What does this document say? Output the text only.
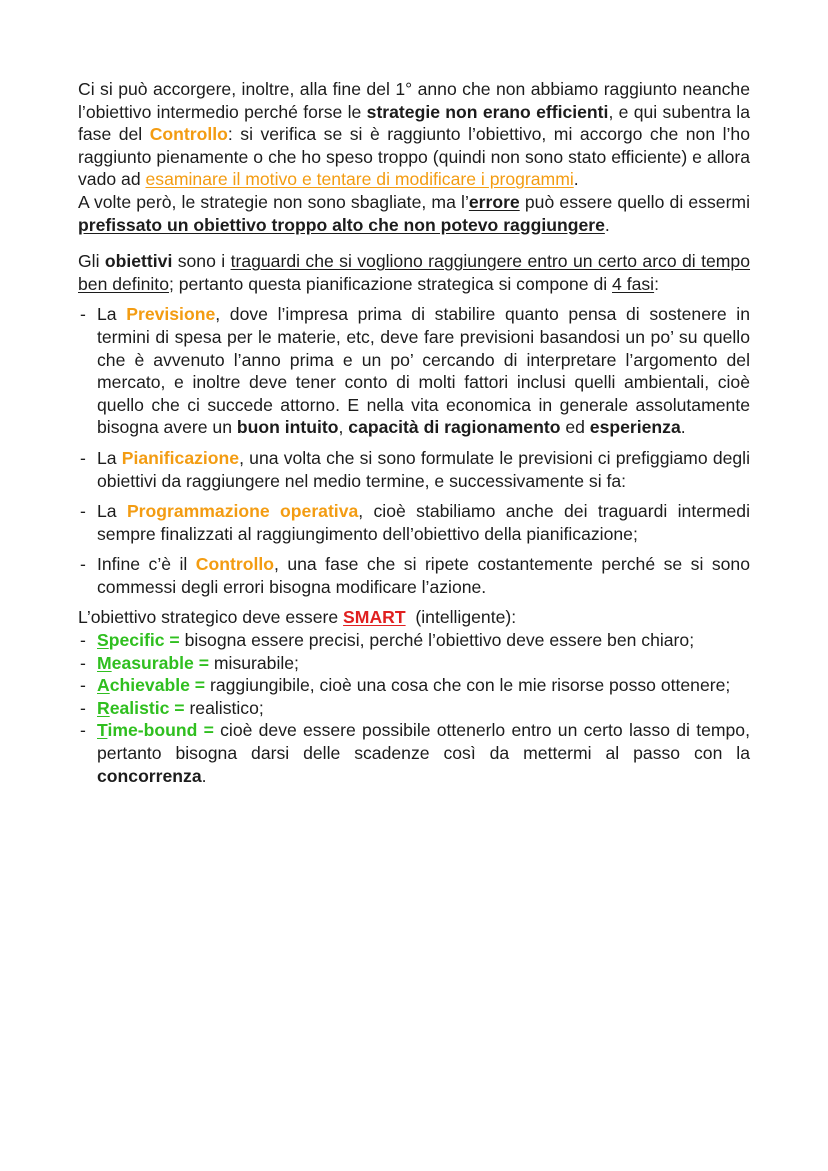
Ci si può accorgere, inoltre, alla fine del 1° anno che non abbiamo raggiunto neanche l’obiettivo intermedio perché forse le strategie non erano efficienti, e qui subentra la fase del Controllo: si verifica se si è raggiunto l’obiettivo, mi accorgo che non l’ho raggiunto pienamente o che ho speso troppo (quindi non sono stato efficiente) e allora vado ad esaminare il motivo e tentare di modificare i programmi.

A volte però, le strategie non sono sbagliate, ma l’errore può essere quello di essermi prefissato un obiettivo troppo alto che non potevo raggiungere.

Gli obiettivi sono i traguardi che si vogliono raggiungere entro un certo arco di tempo ben definito; pertanto questa pianificazione strategica si compone di 4 fasi:

- La Previsione, dove l’impresa prima di stabilire quanto pensa di sostenere in termini di spesa per le materie, etc, deve fare previsioni basandosi un po’ su quello che è avvenuto l’anno prima e un po’ cercando di interpretare l’argomento del mercato, e inoltre deve tener conto di molti fattori inclusi quelli ambientali, cioè quello che ci succede attorno. E nella vita economica in generale assolutamente bisogna avere un buon intuito, capacità di ragionamento ed esperienza.
- La Pianificazione, una volta che si sono formulate le previsioni ci prefiggiamo degli obiettivi da raggiungere nel medio termine, e successivamente si fa:
- La Programmazione operativa, cioè stabiliamo anche dei traguardi intermedi sempre finalizzati al raggiungimento dell’obiettivo della pianificazione;
- Infine c’è il Controllo, una fase che si ripete costantemente perché se si sono commessi degli errori bisogna modificare l’azione.

L’obiettivo strategico deve essere SMART  (intelligente):

- Specific = bisogna essere precisi, perché l’obiettivo deve essere ben chiaro;
- Measurable = misurabile;
- Achievable = raggiungibile, cioè una cosa che con le mie risorse posso ottenere;
- Realistic = realistico;
- Time-bound = cioè deve essere possibile ottenerlo entro un certo lasso di tempo, pertanto bisogna darsi delle scadenze così da mettermi al passo con la concorrenza.
